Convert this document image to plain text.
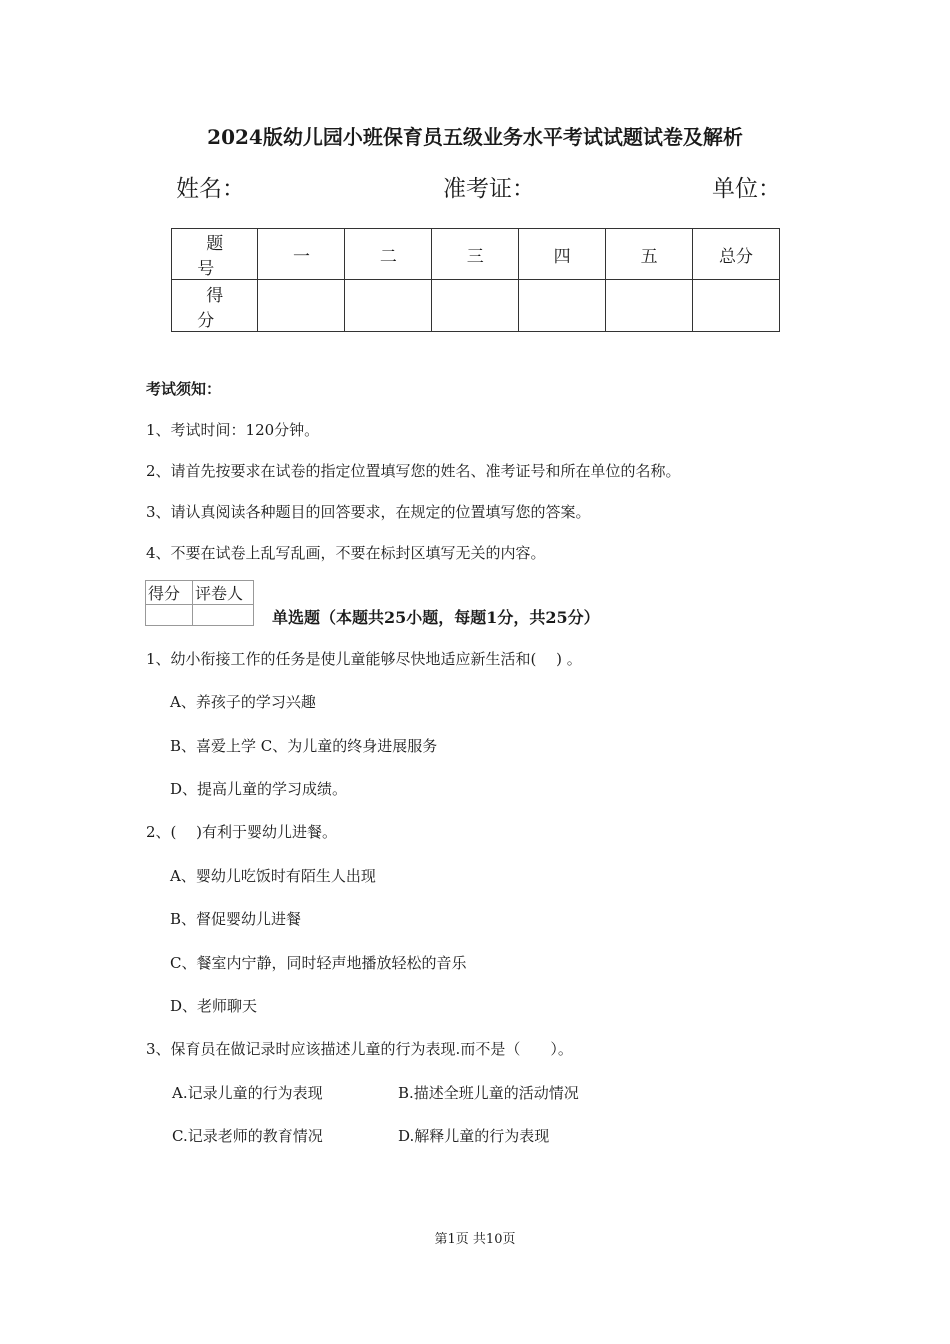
2024版幼儿园小班保育员五级业务水平考试试题试卷及解析
姓名：	准考证：	单位：
题号	一	二	三	四	五	总分
得分						
考试须知：
1、考试时间：120分钟。
2、请首先按要求在试卷的指定位置填写您的姓名、准考证号和所在单位的名称。
3、请认真阅读各种题目的回答要求，在规定的位置填写您的答案。
4、不要在试卷上乱写乱画，不要在标封区填写无关的内容。
得分	评卷人

单选题（本题共25小题，每题1分，共25分）
1、幼小衔接工作的任务是使儿童能够尽快地适应新生活和(　 ) 。
A、养孩子的学习兴趣
B、喜爱上学 C、为儿童的终身进展服务
D、提高儿童的学习成绩。
2、(　 )有利于婴幼儿进餐。
A、婴幼儿吃饭时有陌生人出现
B、督促婴幼儿进餐
C、餐室内宁静，同时轻声地播放轻松的音乐
D、老师聊天
3、保育员在做记录时应该描述儿童的行为表现.而不是（　　）。
A.记录儿童的行为表现	B.描述全班儿童的活动情况
C.记录老师的教育情况	D.解释儿童的行为表现
第1页 共10页
